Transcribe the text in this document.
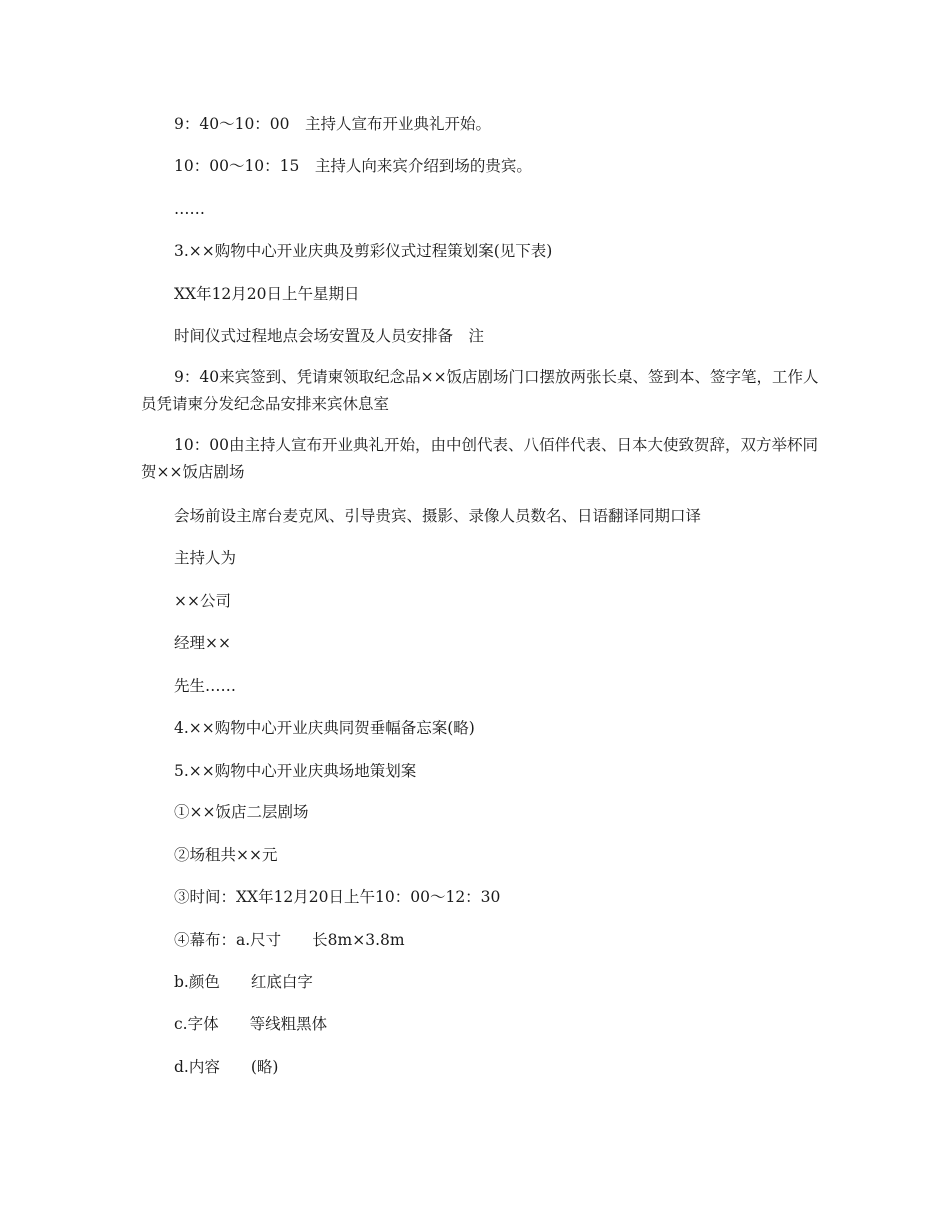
9：40～10：00　主持人宣布开业典礼开始。
10：00～10：15　主持人向来宾介绍到场的贵宾。
……
3.××购物中心开业庆典及剪彩仪式过程策划案(见下表)
XX年12月20日上午星期日
时间仪式过程地点会场安置及人员安排备　注
9：40来宾签到、凭请柬领取纪念品××饭店剧场门口摆放两张长桌、签到本、签字笔，工作人员凭请柬分发纪念品安排来宾休息室
10：00由主持人宣布开业典礼开始，由中创代表、八佰伴代表、日本大使致贺辞，双方举杯同贺××饭店剧场
会场前设主席台麦克风、引导贵宾、摄影、录像人员数名、日语翻译同期口译
主持人为
××公司
经理××
先生……
4.××购物中心开业庆典同贺垂幅备忘案(略)
5.××购物中心开业庆典场地策划案
①××饭店二层剧场
②场租共××元
③时间：XX年12月20日上午10：00～12：30
④幕布：a.尺寸　　长8m×3.8m
b.颜色　　红底白字
c.字体　　等线粗黑体
d.内容　　(略)
